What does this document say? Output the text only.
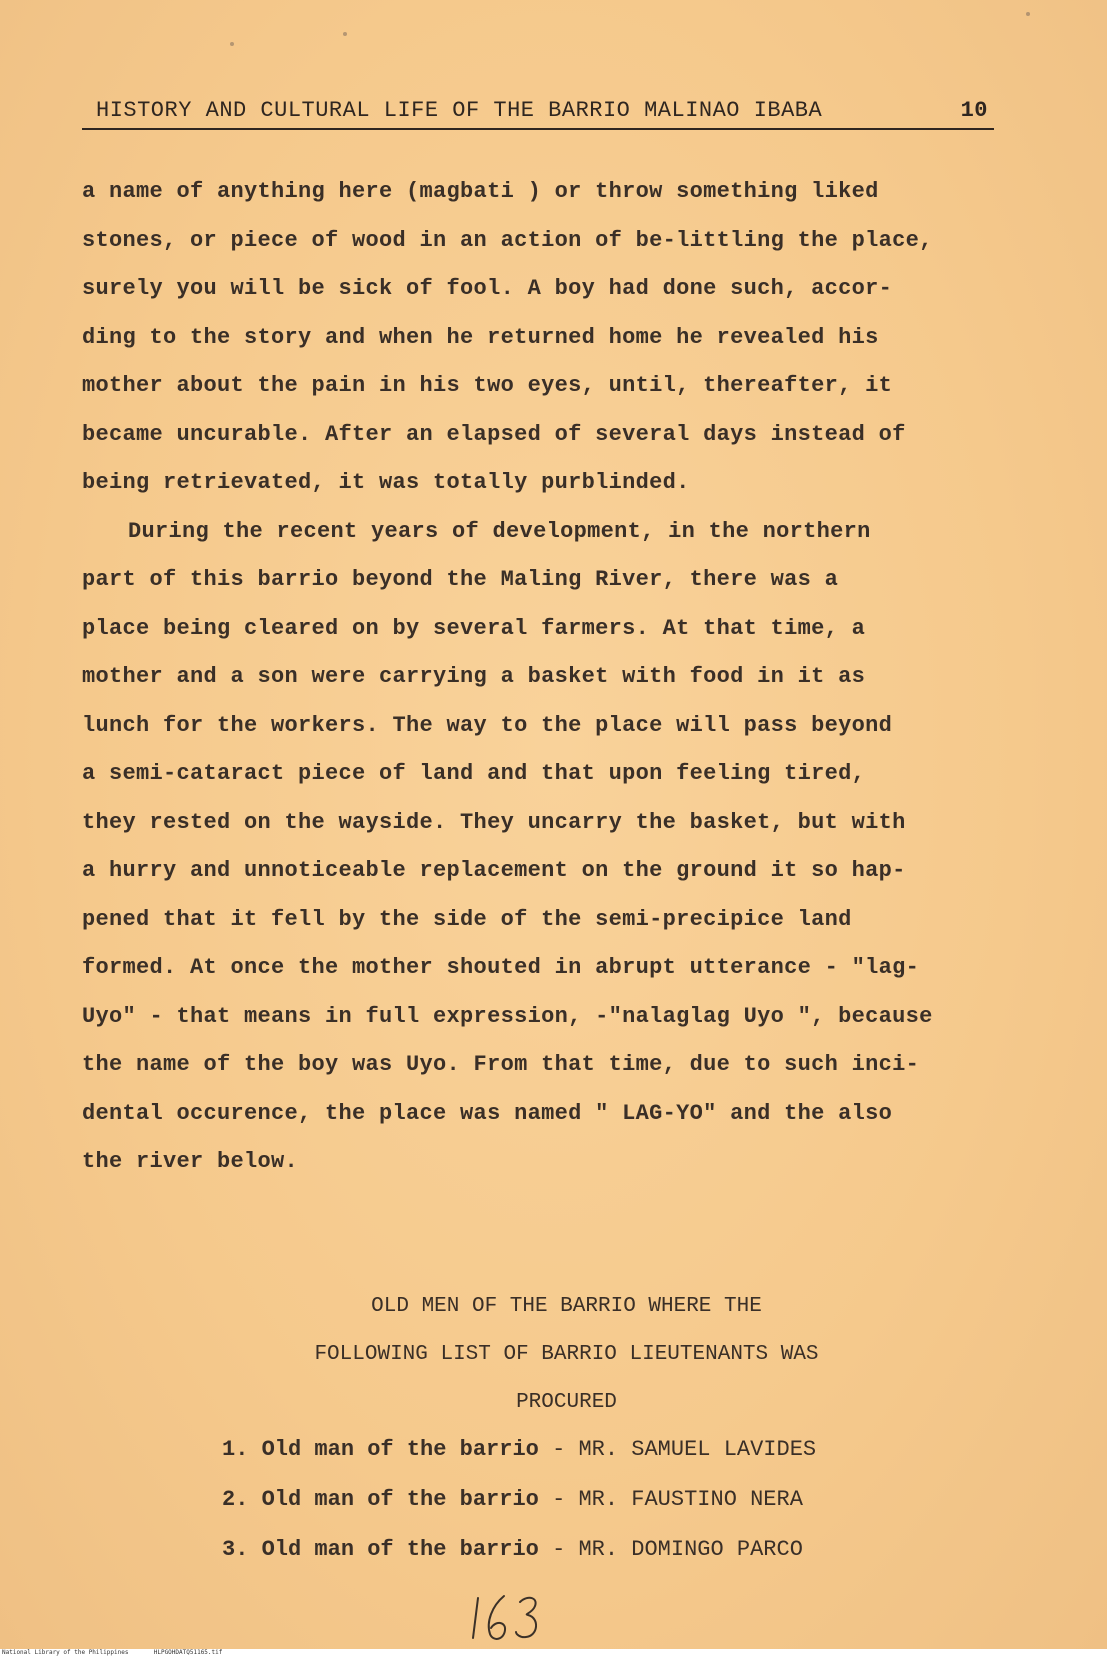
HISTORY AND CULTURAL LIFE OF THE BARRIO MALINAO IBABA	10

a name of anything here (magbati ) or throw something liked

stones, or piece of wood in an action of be-littling the place,

surely you will be sick of fool. A boy had done such, accor-

ding to the story and when he returned home he revealed his

mother about the pain in his two eyes, until, thereafter, it

became uncurable. After an elapsed of several days instead of

being retrievated, it was totally purblinded.

During the recent years of development, in the northern

part of this barrio beyond the Maling River, there was a

place being cleared on by several farmers. At that time, a

mother and a son were carrying a basket with food in it as

lunch for the workers. The way to the place will pass beyond

a semi-cataract piece of land and that upon feeling tired,

they rested on the wayside. They uncarry the basket, but with

a hurry and unnoticeable replacement on the ground it so hap-

pened that it fell by the side of the semi-precipice land

formed. At once the mother shouted in abrupt utterance - "lag-

Uyo" - that means in full expression, -"nalaglag Uyo ", because

the name of the boy was Uyo. From that time, due to such inci-

dental occurence, the place was named " LAG-YO" and the also

the river below.

OLD MEN OF THE BARRIO WHERE THE

FOLLOWING LIST OF BARRIO LIEUTENANTS WAS

PROCURED

1. Old man of the barrio - MR. SAMUEL LAVIDES
2. Old man of the barrio - MR. FAUSTINO NERA
3. Old man of the barrio - MR. DOMINGO PARCO
National Library of the Philippines	HLPGOHDATQ51165.tif
